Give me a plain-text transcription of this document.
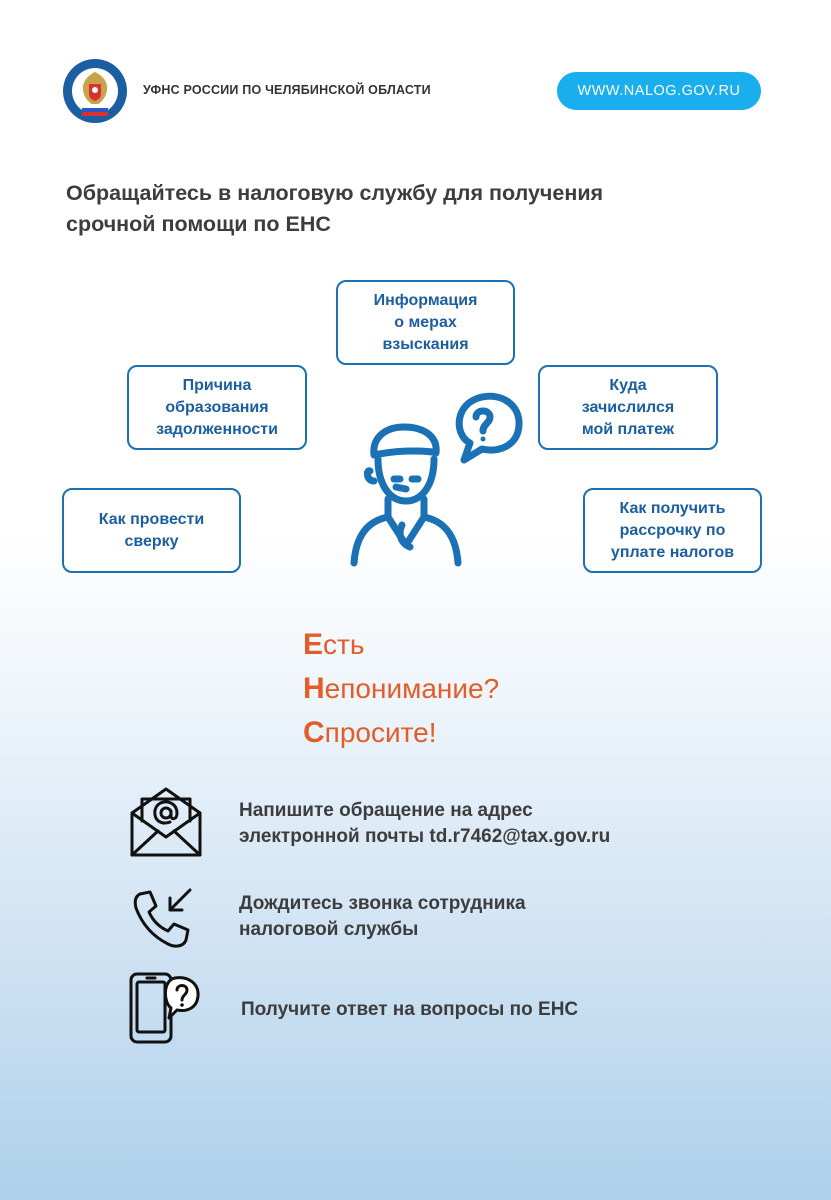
УФНС РОССИИ ПО ЧЕЛЯБИНСКОЙ ОБЛАСТИ	WWW.NALOG.GOV.RU
Обращайтесь в налоговую службу для получения
срочной помощи по ЕНС
Информация
о мерах
взыскания
Причина
образования
задолженности
Куда
зачислился
мой платеж
Как провести
сверку
Как получить
рассрочку по
уплате налогов
Есть
Непонимание?
Спросите!
Напишите обращение на адрес
электронной почты td.r7462@tax.gov.ru
Дождитесь звонка сотрудника
налоговой службы
Получите ответ на вопросы по ЕНС
